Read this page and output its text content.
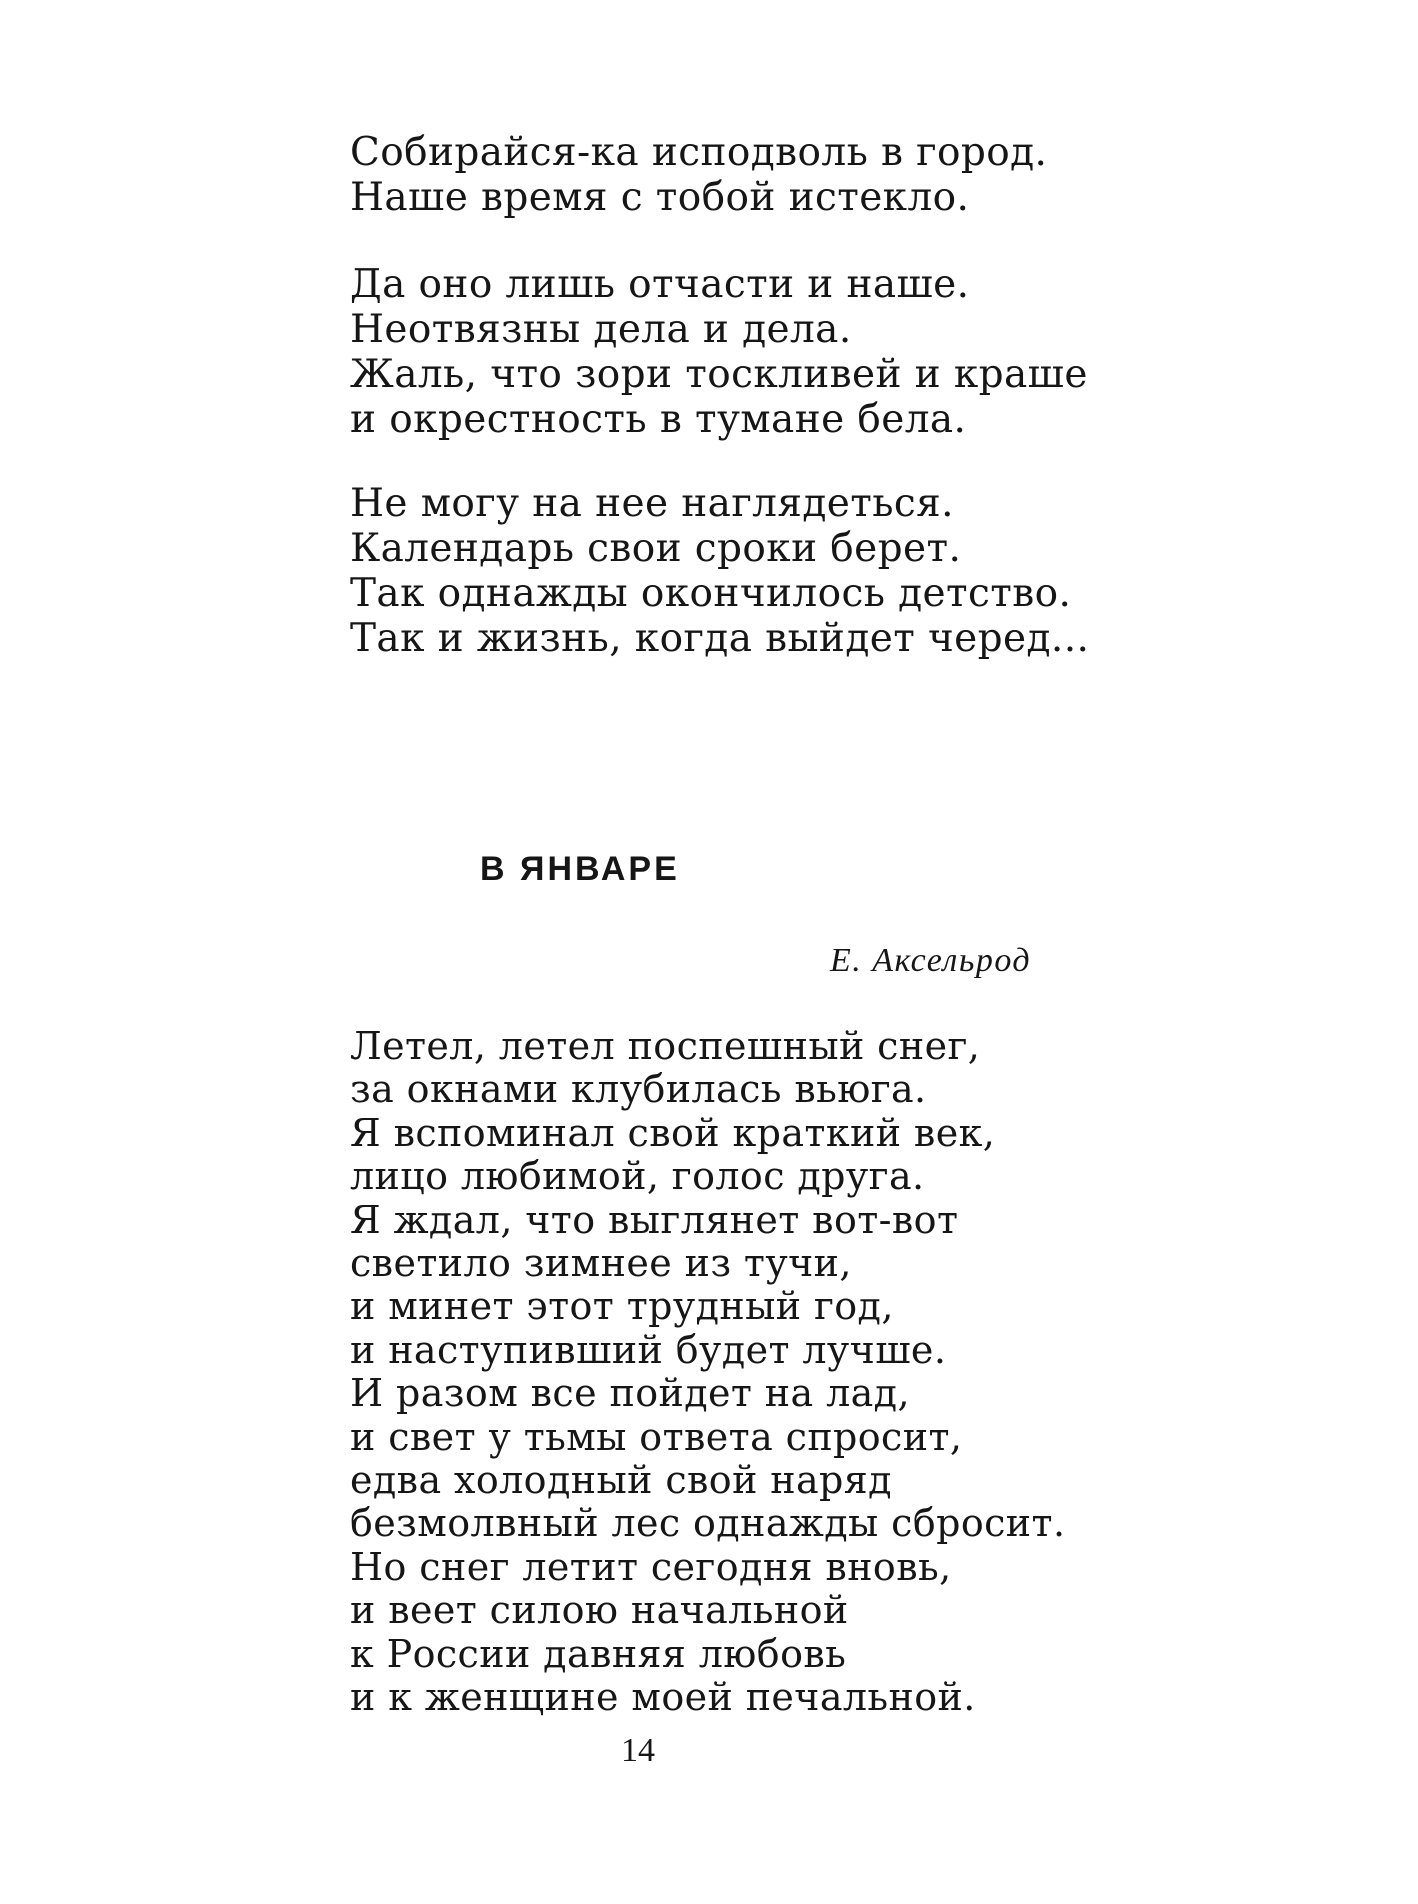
Собирайся-ка исподволь в город.
Наше время с тобой истекло.
Да оно лишь отчасти и наше.
Неотвязны дела и дела.
Жаль, что зори тоскливей и краше
и окрестность в тумане бела.
Не могу на нее наглядеться.
Календарь свои сроки берет.
Так однажды окончилось детство.
Так и жизнь, когда выйдет черед...
В ЯНВАРЕ

Е. Аксельрод

Летел, летел поспешный снег,
за окнами клубилась вьюга.
Я вспоминал свой краткий век,
лицо любимой, голос друга.
Я ждал, что выглянет вот-вот
светило зимнее из тучи,
и минет этот трудный год,
и наступивший будет лучше.
И разом все пойдет на лад,
и свет у тьмы ответа спросит,
едва холодный свой наряд
безмолвный лес однажды сбросит.
Но снег летит сегодня вновь,
и веет силою начальной
к России давняя любовь
и к женщине моей печальной.

14
